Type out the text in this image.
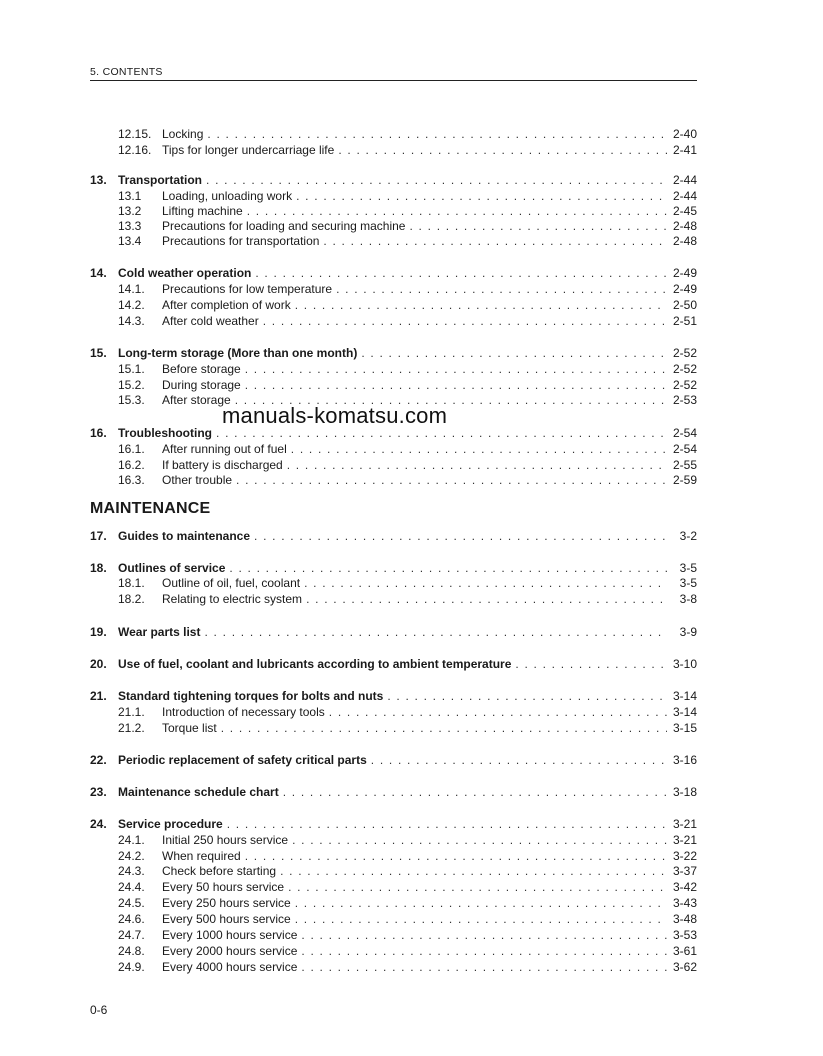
5. CONTENTS
12.15. Locking . . .	2-40
12.16. Tips for longer undercarriage life . . .	2-41
13. Transportation . . .	2-44
13.1	Loading, unloading work . . .	2-44
13.2	Lifting machine . . .	2-45
13.3	Precautions for loading and securing machine . . .	2-48
13.4	Precautions for transportation . . .	2-48
14. Cold weather operation . . .	2-49
14.1.	Precautions for low temperature . . .	2-49
14.2.	After completion of work . . .	2-50
14.3.	After cold weather . . .	2-51
15. Long-term storage (More than one month) . . .	2-52
15.1.	Before storage . . .	2-52
15.2.	During storage . . .	2-52
15.3.	After storage . . .	2-53
16. Troubleshooting . . .	2-54
16.1.	After running out of fuel . . .	2-54
16.2.	If battery is discharged . . .	2-55
16.3.	Other trouble . . .	2-59
17. Guides to maintenance . . .	3-2
18. Outlines of service . . .	3-5
18.1.	Outline of oil, fuel, coolant . . .	3-5
18.2.	Relating to electric system . . .	3-8
19. Wear parts list . . .	3-9
20. Use of fuel, coolant and lubricants according to ambient temperature . . .	3-10
21. Standard tightening torques for bolts and nuts . . .	3-14
21.1.	Introduction of necessary tools . . .	3-14
21.2.	Torque list . . .	3-15
22. Periodic replacement of safety critical parts . . .	3-16
23. Maintenance schedule chart . . .	3-18
24. Service procedure . . .	3-21
24.1.	Initial 250 hours service . . .	3-21
24.2.	When required . . .	3-22
24.3.	Check before starting . . .	3-37
24.4.	Every 50 hours service . . .	3-42
24.5.	Every 250 hours service . . .	3-43
24.6.	Every 500 hours service . . .	3-48
24.7.	Every 1000 hours service . . .	3-53
24.8.	Every 2000 hours service . . .	3-61
24.9.	Every 4000 hours service . . .	3-62
MAINTENANCE
manuals-komatsu.com
0-6
